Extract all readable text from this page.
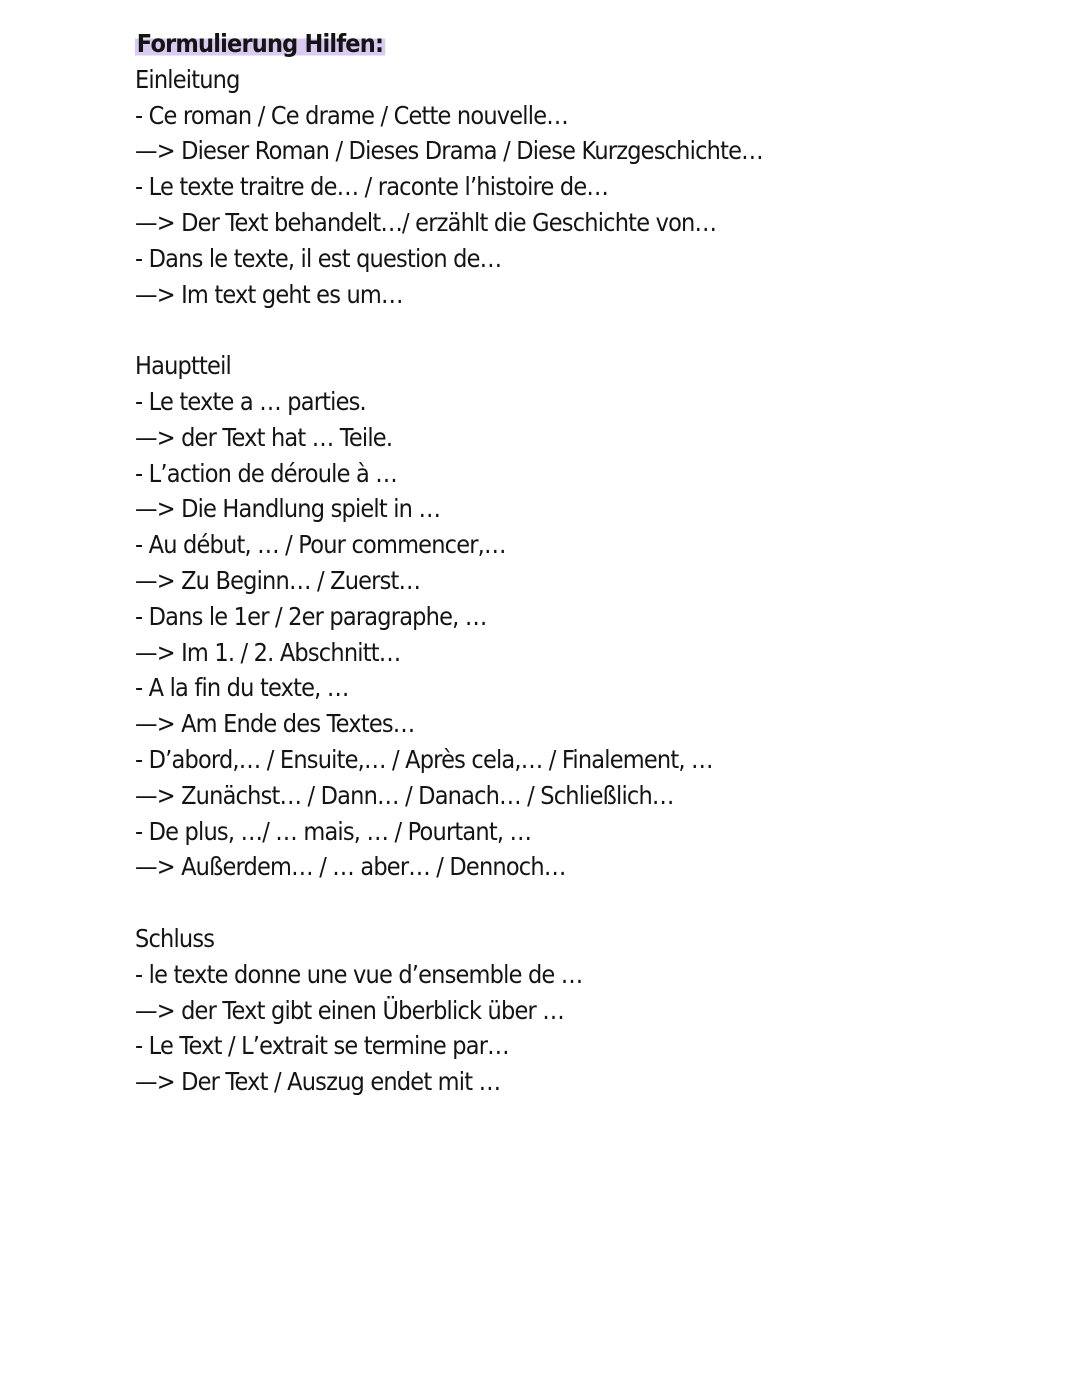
Formulierung Hilfen:
Einleitung
- Ce roman / Ce drame / Cette nouvelle…
—> Dieser Roman / Dieses Drama / Diese Kurzgeschichte…
- Le texte traitre de… / raconte l’histoire de…
—> Der Text behandelt…/ erzählt die Geschichte von…
- Dans le texte, il est question de…
—> Im text geht es um…
Hauptteil
- Le texte a … parties.
—> der Text hat … Teile.
- L’action de déroule à …
—> Die Handlung spielt in …
- Au début, … / Pour commencer,…
—> Zu Beginn… / Zuerst…
- Dans le 1er / 2er paragraphe, …
—> Im 1. / 2. Abschnitt…
- A la fin du texte, …
—> Am Ende des Textes…
- D’abord,… / Ensuite,… / Après cela,… / Finalement, …
—> Zunächst… / Dann… / Danach… / Schließlich…
- De plus, …/ … mais, … / Pourtant, …
—> Außerdem… / … aber… / Dennoch…
Schluss
- le texte donne une vue d’ensemble de …
—> der Text gibt einen Überblick über …
- Le Text / L’extrait se termine par…
—> Der Text / Auszug endet mit …
